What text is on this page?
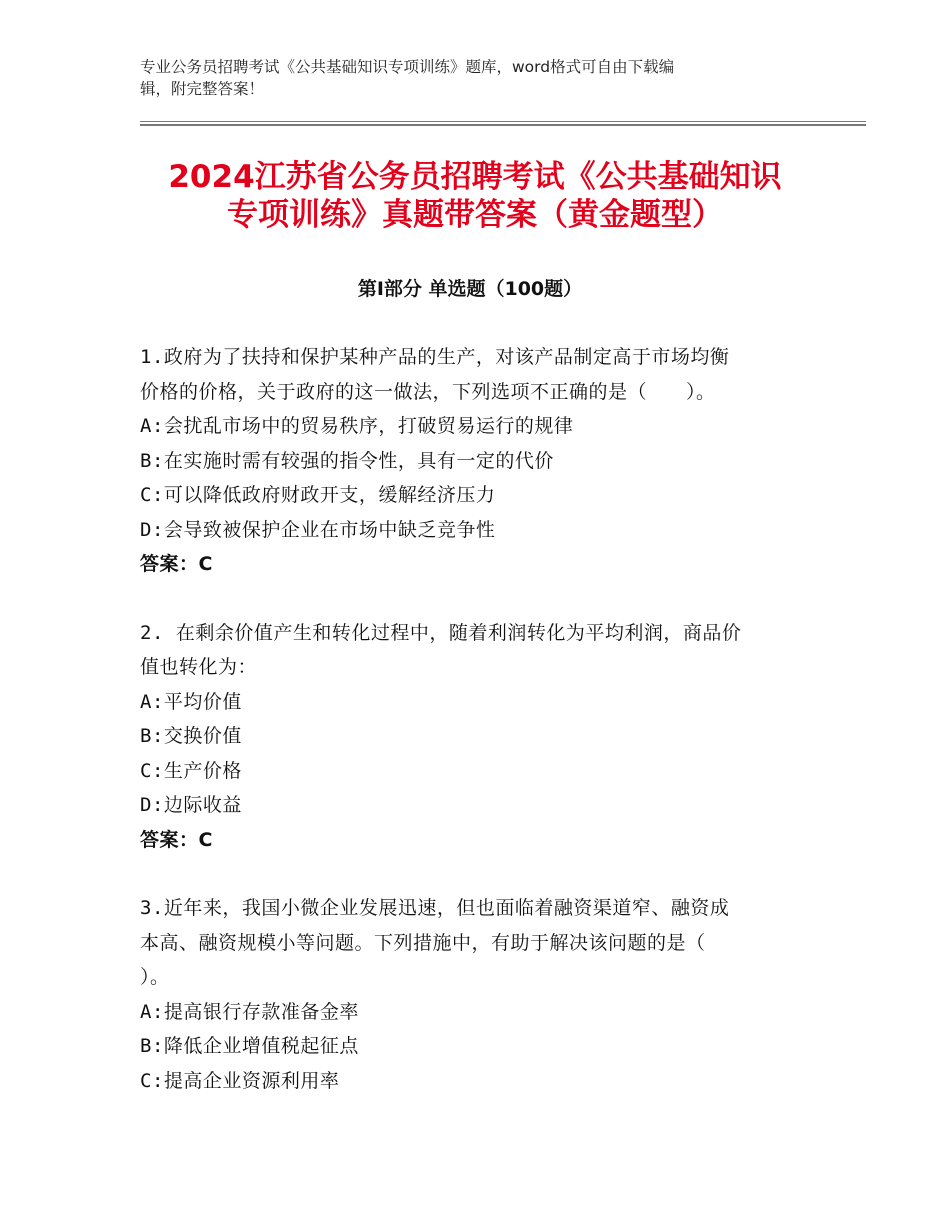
专业公务员招聘考试《公共基础知识专项训练》题库，word格式可自由下载编
辑，附完整答案！
2024江苏省公务员招聘考试《公共基础知识
专项训练》真题带答案（黄金题型）
第Ⅰ部分 单选题（100题）
1.政府为了扶持和保护某种产品的生产，对该产品制定高于市场均衡
价格的价格，关于政府的这一做法，下列选项不正确的是（　　）。
A:会扰乱市场中的贸易秩序，打破贸易运行的规律
B:在实施时需有较强的指令性，具有一定的代价
C:可以降低政府财政开支，缓解经济压力
D:会导致被保护企业在市场中缺乏竞争性
答案：C
2. 在剩余价值产生和转化过程中，随着利润转化为平均利润，商品价
值也转化为：
A:平均价值
B:交换价值
C:生产价格
D:边际收益
答案：C
3.近年来，我国小微企业发展迅速，但也面临着融资渠道窄、融资成
本高、融资规模小等问题。下列措施中，有助于解决该问题的是（
）。
A:提高银行存款准备金率
B:降低企业增值税起征点
C:提高企业资源利用率
